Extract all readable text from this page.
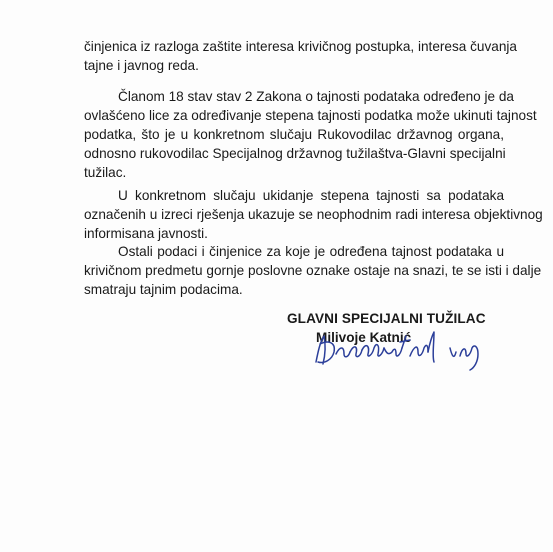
činjenica iz razloga zaštite interesa krivičnog postupka, interesa čuvanja
tajne i javnog reda.
Članom 18 stav stav 2 Zakona o tajnosti podataka određeno je da
ovlašćeno lice za određivanje stepena tajnosti podatka može ukinuti tajnost
podatka, što je u konkretnom slučaju Rukovodilac državnog organa,
odnosno rukovodilac Specijalnog državnog tužilaštva-Glavni specijalni
tužilac.
U konkretnom slučaju ukidanje stepena tajnosti sa podataka
označenih u izreci rješenja ukazuje se neophodnim radi interesa objektivnog
informisana javnosti.
Ostali podaci i činjenice za koje je određena tajnost podataka u
krivičnom predmetu gornje poslovne oznake ostaje na snazi, te se isti i dalje
smatraju tajnim podacima.
GLAVNI SPECIJALNI TUŽILAC
Milivoje Katnić
